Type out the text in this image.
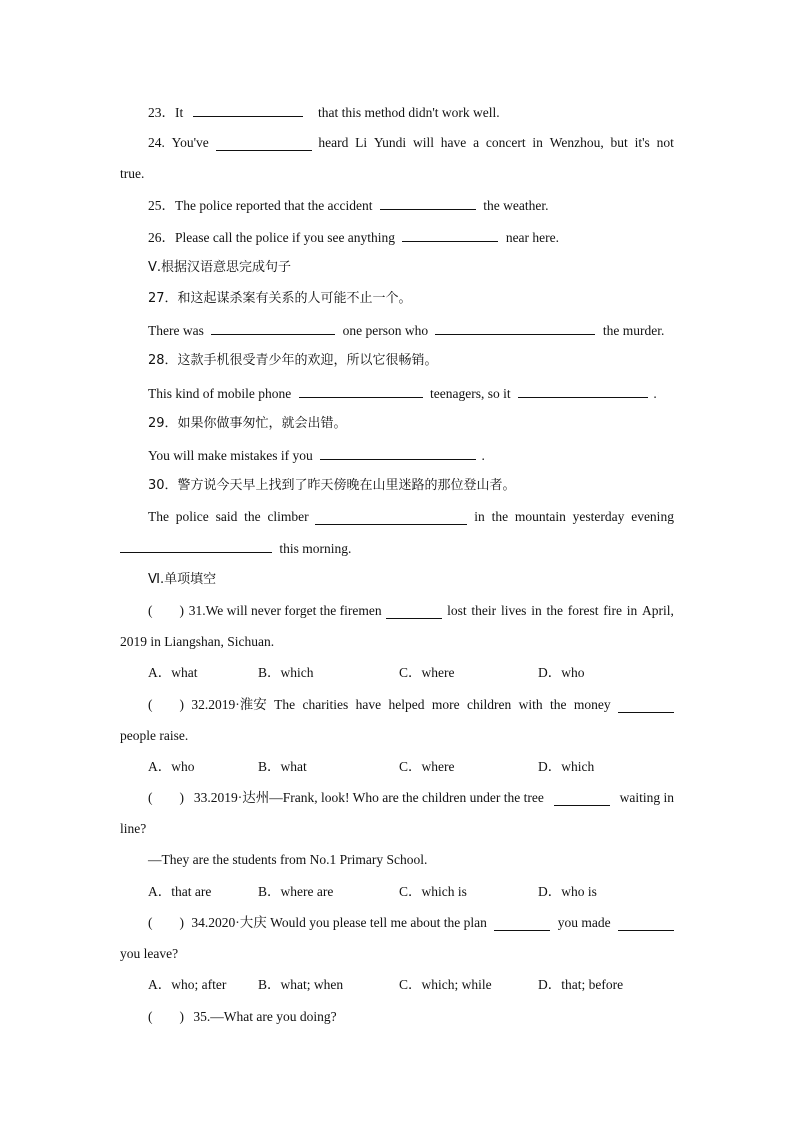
23．It	that this method didn't work well.
24. You've	heard Li Yundi will have a concert in Wenzhou, but it's not
true.
25．The police reported that the accident	the weather.
26．Please call the police if you see anything	near here.
Ⅴ.根据汉语意思完成句子
27．和这起谋杀案有关系的人可能不止一个。
There was	one person who	the murder.
28．这款手机很受青少年的欢迎，所以它很畅销。
This kind of mobile phone	teenagers, so it	.
29．如果你做事匆忙，就会出错。
You will make mistakes if you	.
30．警方说今天早上找到了昨天傍晚在山里迷路的那位登山者。
The police said the climber	in the mountain yesterday evening
this morning.
Ⅵ.单项填空
(　　) 31.We will never forget the firemen	lost their lives in the forest fire in April,
2019 in Liangshan, Sichuan.
A．what	B．which	C．where	D．who
(　　) 32.2019·淮安 The charities have helped more children with the money
people raise.
A．who	B．what	C．where	D．which
(　　) 33.2019·达州—Frank, look! Who are the children under the tree	waiting in
line?
—They are the students from No.1 Primary School.
A．that are	B．where are	C．which is	D．who is
(　　) 34.2020·大庆 Would you please tell me about the plan	you made
you leave?
A．who; after B．what; when	C．which; while	D．that; before
(　　) 35.—What are you doing?
